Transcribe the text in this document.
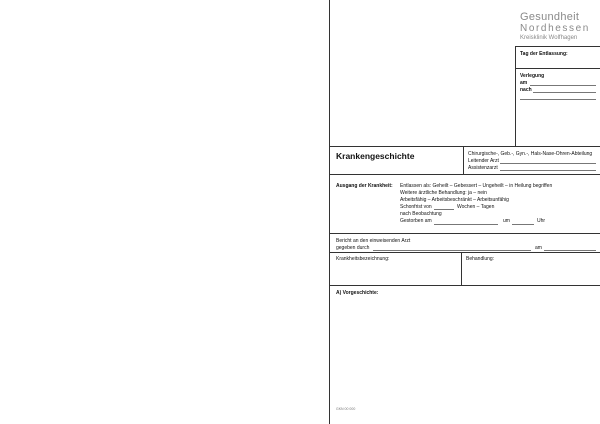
Gesundheit
Nordhessen
Kreisklinik Wolfhagen
Tag der Entlassung:
Verlegung
am
nach
Krankengeschichte	Chirurgische-, Geb.-, Gyn.-, Hals-Nase-Ohren-Abteilung
Leitender Arzt
Assistenzarzt
Ausgang der Krankheit: Entlassen als: Geheilt – Gebessert – Ungeheilt – in Heilung begriffen
Weitere ärztliche Behandlung: ja – nein
Arbeitsfähig – Arbeitsbeschränkt – Arbeitsunfähig
Schonfrist von	Wochen – Tagen
nach Beobachtung
Gestorben am	um	Uhr
Bericht an den einweisenden Arzt
gegeben durch	am
Krankheitsbezeichnung:	Behandlung:
A) Vorgeschichte:
GKN 00 000
